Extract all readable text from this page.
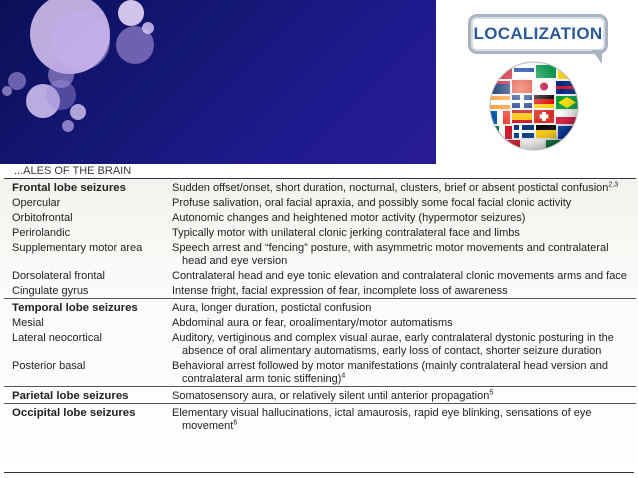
...ALES OF THE BRAIN
LOCALIZATION
Frontal lobe seizures	Sudden offset/onset, short duration, nocturnal, clusters, brief or absent postictal confusion$^{2,3}$
Opercular	Profuse salivation, oral facial apraxia, and possibly some focal facial clonic activity
Orbitofrontal	Autonomic changes and heightened motor activity (hypermotor seizures)
Perirolandic	Typically motor with unilateral clonic jerking contralateral face and limbs
Supplementary motor area	Speech arrest and “fencing” posture, with asymmetric motor movements and contralateral
head and eye version

Dorsolateral frontal	Contralateral head and eye tonic elevation and contralateral clonic movements arms and face
Cingulate gyrus	Intense fright, facial expression of fear, incomplete loss of awareness
Temporal lobe seizures	Aura, longer duration, postictal confusion
Mesial	Abdominal aura or fear, oroalimentary/motor automatisms
Lateral neocortical	Auditory, vertiginous and complex visual aurae, early contralateral dystonic posturing in the
absence of oral alimentary automatisms, early loss of contact, shorter seizure duration

Posterior basal	Behavioral arrest followed by motor manifestations (mainly contralateral head version and
contralateral arm tonic stiffening)$^4$

Parietal lobe seizures	Somatosensory aura, or relatively silent until anterior propagation$^5$
Occipital lobe seizures	Elementary visual hallucinations, ictal amaurosis, rapid eye blinking, sensations of eye
movement$^6$
